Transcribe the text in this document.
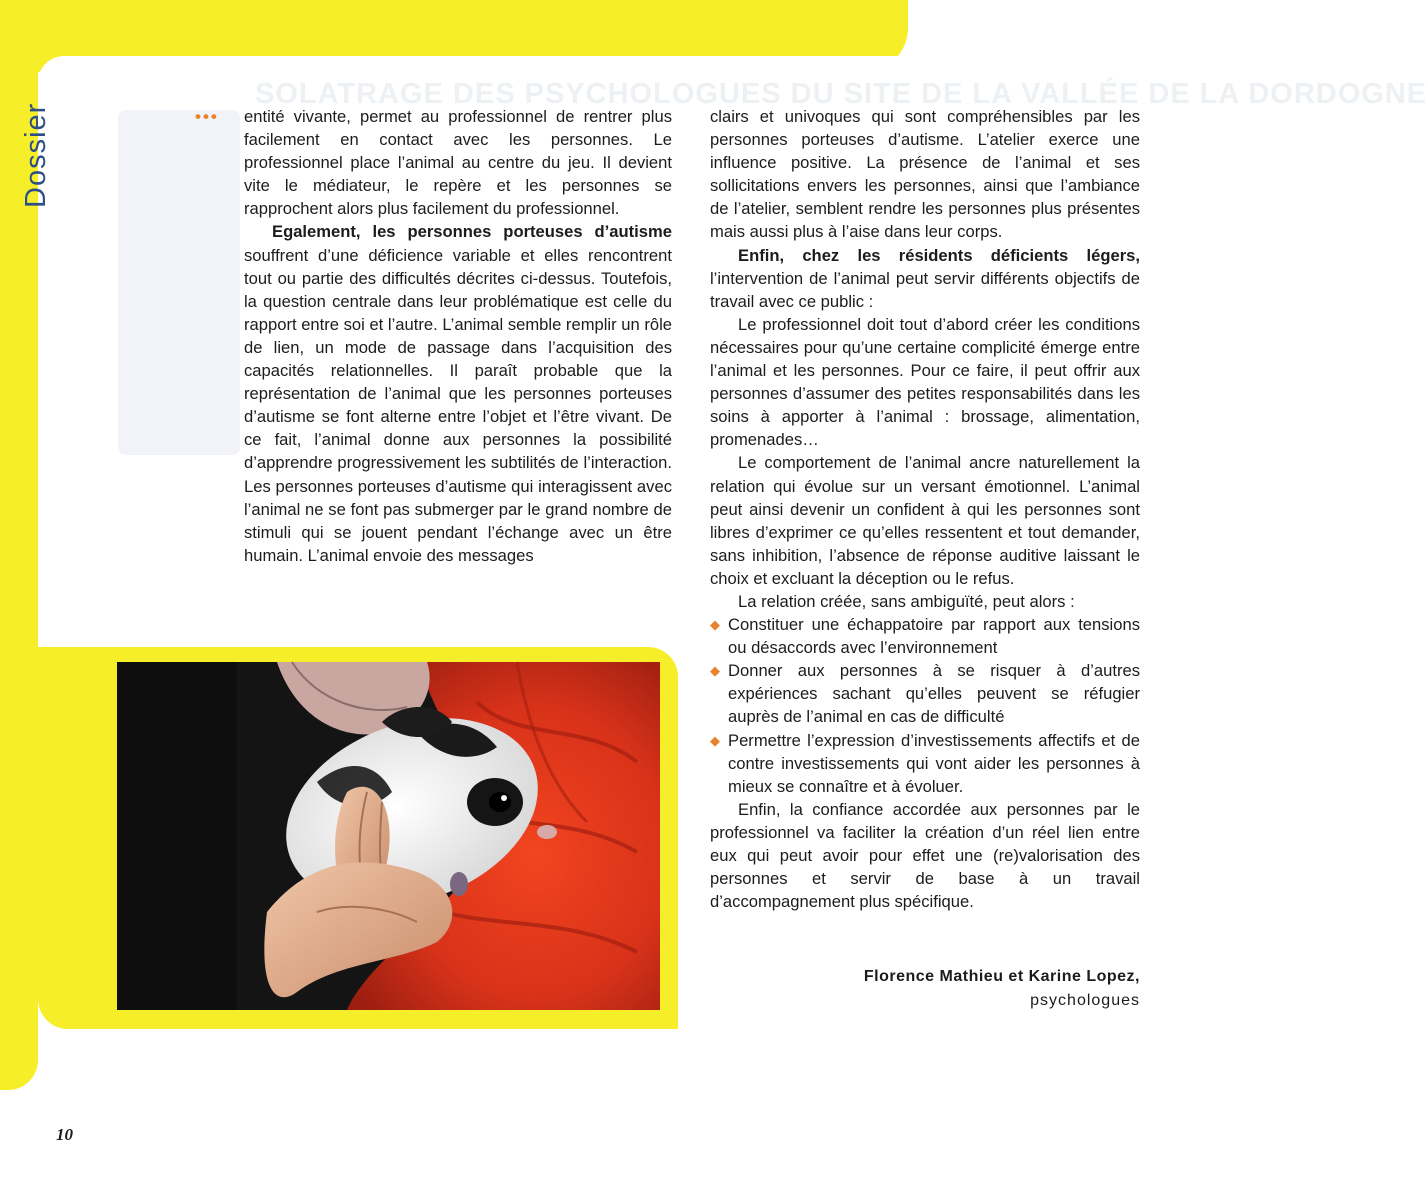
Dossier
SOLATRAGE DES PSYCHOLOGUES DU SITE DE LA VALLÉE DE LA DORDOGNE
••• entité vivante, permet au professionnel de rentrer plus facilement en contact avec les personnes. Le professionnel place l’animal au centre du jeu. Il devient vite le médiateur, le repère et les personnes se rapprochent alors plus facilement du professionnel.

Egalement, les personnes porteuses d’autisme souffrent d’une déficience variable et elles rencontrent tout ou partie des difficultés décrites ci-dessus. Toutefois, la question centrale dans leur problématique est celle du rapport entre soi et l’autre. L’animal semble remplir un rôle de lien, un mode de passage dans l’acquisition des capacités relationnelles. Il paraît probable que la représentation de l’animal que les personnes porteuses d’autisme se font alterne entre l’objet et l’être vivant. De ce fait, l’animal donne aux personnes la possibilité d’apprendre progressivement les subtilités de l’interaction. Les personnes porteuses d’autisme qui interagissent avec l’animal ne se font pas submerger par le grand nombre de stimuli qui se jouent pendant l’échange avec un être humain. L’animal envoie des messages

clairs et univoques qui sont compréhensibles par les personnes porteuses d’autisme. L’atelier exerce une influence positive. La présence de l’animal et ses sollicitations envers les personnes, ainsi que l’ambiance de l’atelier, semblent rendre les personnes plus présentes mais aussi plus à l’aise dans leur corps.

Enfin, chez les résidents déficients légers, l’intervention de l’animal peut servir différents objectifs de travail avec ce public :

Le professionnel doit tout d’abord créer les conditions nécessaires pour qu’une certaine complicité émerge entre l’animal et les personnes. Pour ce faire, il peut offrir aux personnes d’assumer des petites responsabilités dans les soins à apporter à l’animal : brossage, alimentation, promenades…

Le comportement de l’animal ancre naturellement la relation qui évolue sur un versant émotionnel. L’animal peut ainsi devenir un confident à qui les personnes sont libres d’exprimer ce qu’elles ressentent et tout demander, sans inhibition, l’absence de réponse auditive laissant le choix et excluant la déception ou le refus.

La relation créée, sans ambiguïté, peut alors :

◆ Constituer une échappatoire par rapport aux tensions ou désaccords avec l’environnement
◆ Donner aux personnes à se risquer à d’autres expériences sachant qu’elles peuvent se réfugier auprès de l’animal en cas de difficulté
◆ Permettre l’expression d’investissements affectifs et de contre investissements qui vont aider les personnes à mieux se connaître et à évoluer.

Enfin, la confiance accordée aux personnes par le professionnel va faciliter la création d’un réel lien entre eux qui peut avoir pour effet une (re)valorisation des personnes et servir de base à un travail d’accompagnement plus spécifique.

Florence Mathieu et Karine Lopez,
psychologues
10
